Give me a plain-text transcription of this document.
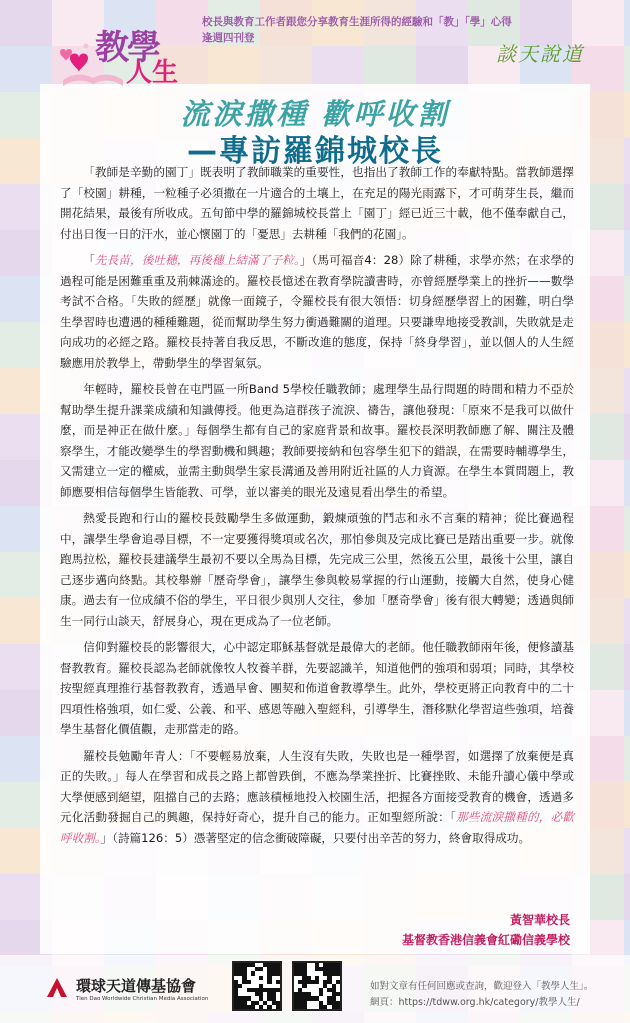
教學
人生
校長與教育工作者跟您分享教育生涯所得的經驗和「教」「學」心得
逢週四刊登
談天說道
流淚撒種 歡呼收割
—專訪羅錦城校長

「教師是辛勤的園丁」既表明了教師職業的重要性，也指出了教師工作的奉獻特點。當教師選擇了「校園」耕種，一粒種子必須撒在一片適合的土壤上，在充足的陽光雨露下，才可萌芽生長，繼而開花結果，最後有所收成。五旬節中學的羅錦城校長當上「園丁」經已近三十載，他不僅奉獻自己，付出日復一日的汗水，並心懷園丁的「憂思」去耕種「我們的花園」。

「先長苗，後吐穗，再後穗上結滿了子粒。」（馬可福音4：28）除了耕種，求學亦然；在求學的過程可能是困難重重及荊棘滿途的。羅校長憶述在教育學院讀書時，亦曾經歷學業上的挫折——數學考試不合格。「失敗的經歷」就像一面鏡子，令羅校長有很大領悟：切身經歷學習上的困難，明白學生學習時也遭遇的種種難題，從而幫助學生努力衝過難關的道理。只要謙卑地接受教訓，失敗就是走向成功的必經之路。羅校長持著自我反思，不斷改進的態度，保持「終身學習」，並以個人的人生經驗應用於教學上，帶動學生的學習氣氛。

年輕時，羅校長曾在屯門區一所Band 5學校任職教師；處理學生品行問題的時間和精力不亞於幫助學生提升課業成績和知識傳授。他更為這群孩子流淚、禱告，讓他發現：「原來不是我可以做什麼，而是神正在做什麼。」每個學生都有自己的家庭背景和故事。羅校長深明教師應了解、關注及體察學生，才能改變學生的學習動機和興趣；教師要接納和包容學生犯下的錯誤，在需要時輔導學生，又需建立一定的權威，並需主動與學生家長溝通及善用附近社區的人力資源。在學生本質問題上，教師應要相信每個學生皆能教、可學，並以審美的眼光及遠見看出學生的希望。

熱愛長跑和行山的羅校長鼓勵學生多做運動，鍛煉頑強的鬥志和永不言棄的精神；從比賽過程中，讓學生學會追尋目標，不一定要獲得獎項或名次，那怕參與及完成比賽已是踏出重要一步。就像跑馬拉松，羅校長建議學生最初不要以全馬為目標，先完成三公里，然後五公里，最後十公里，讓自己逐步邁向終點。其校舉辦「歷奇學會」，讓學生參與較易掌握的行山運動，接觸大自然，使身心健康。過去有一位成績不俗的學生，平日很少與別人交往，參加「歷奇學會」後有很大轉變；透過與師生一同行山談天，舒展身心，現在更成為了一位老師。

信仰對羅校長的影響很大，心中認定耶穌基督就是最偉大的老師。他任職教師兩年後，便修讀基督教教育。羅校長認為老師就像牧人牧養羊群，先要認識羊，知道他們的強項和弱項；同時，其學校按聖經真理推行基督教教育，透過早會、團契和佈道會教導學生。此外，學校更將正向教育中的二十四項性格強項，如仁愛、公義、和平、感恩等融入聖經科，引導學生，潛移默化學習這些強項，培養學生基督化價值觀，走那當走的路。

羅校長勉勵年青人：「不要輕易放棄，人生沒有失敗，失敗也是一種學習，如選擇了放棄便是真正的失敗。」每人在學習和成長之路上都曾跌倒，不應為學業挫折、比賽挫敗、未能升讀心儀中學或大學便感到絕望，阻擋自己的去路；應該積極地投入校園生活，把握各方面接受教育的機會，透過多元化活動發掘自己的興趣，保持好奇心，提升自己的能力。正如聖經所說：「那些流淚撒種的，必歡呼收割。」（詩篇126：5）憑著堅定的信念衝破障礙，只要付出辛苦的努力，終會取得成功。

黃智華校長
基督教香港信義會紅磡信義學校
環球天道傳基協會
Tien Dao Worldwide Christian Media Association
如對文章有任何回應或查詢，歡迎登入「教學人生」。
網頁：https://tdww.org.hk/category/教學人生/
